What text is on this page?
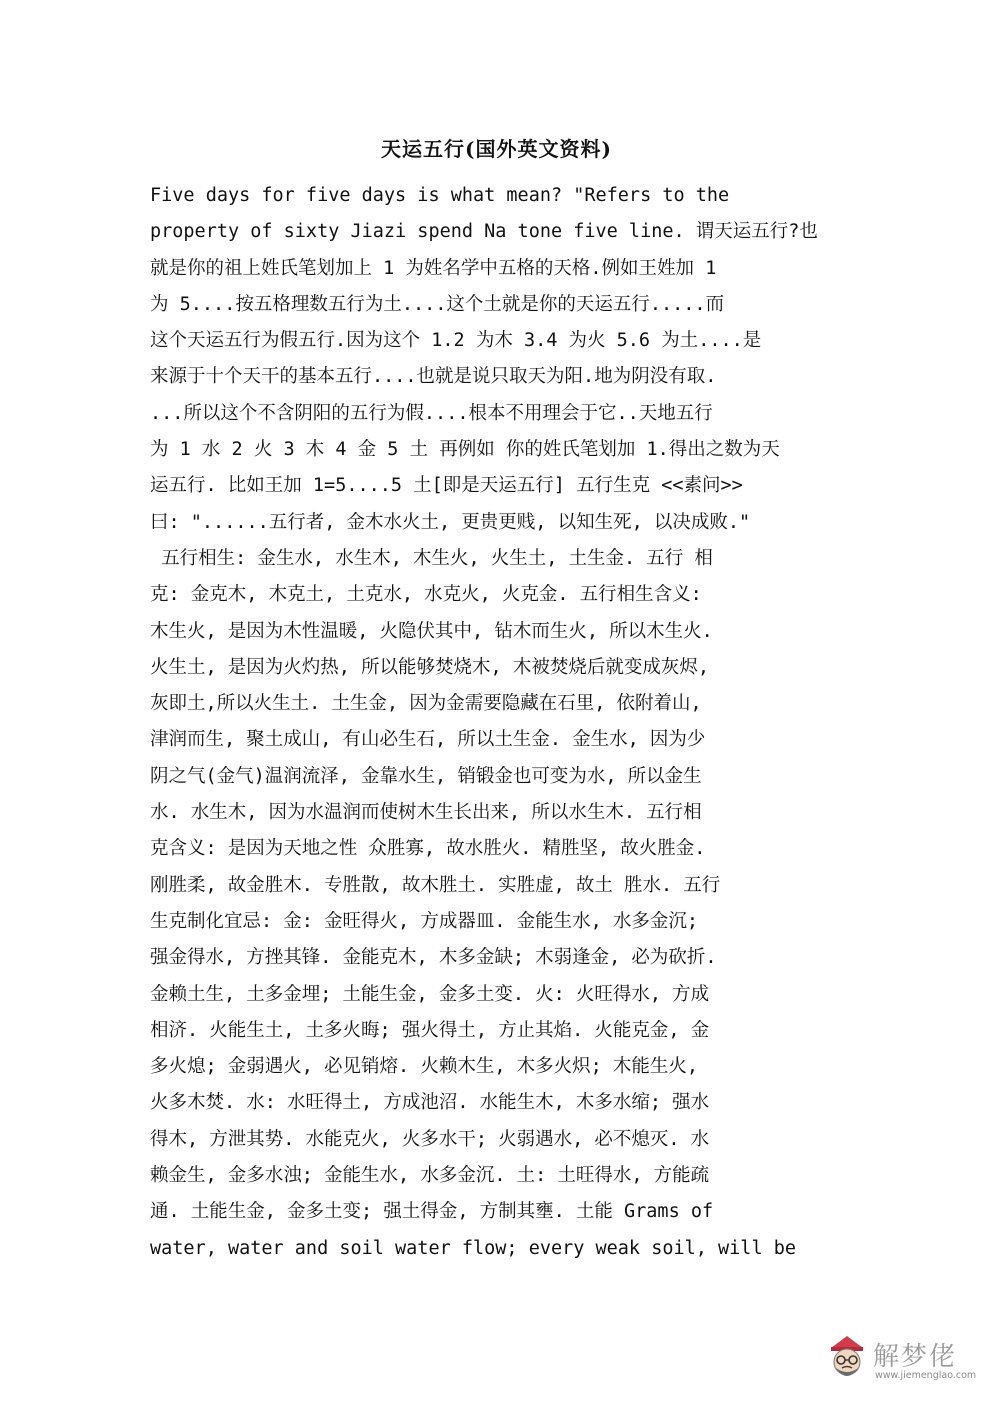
天运五行(国外英文资料)
Five days for five days is what mean? "Refers to the
property of sixty Jiazi spend Na tone five line. 谓天运五行?也
就是你的祖上姓氏笔划加上 1 为姓名学中五格的天格.例如王姓加 1
为 5....按五格理数五行为土....这个土就是你的天运五行.....而
这个天运五行为假五行.因为这个 1.2 为木 3.4 为火 5.6 为土....是
来源于十个天干的基本五行....也就是说只取天为阳.地为阴没有取.
...所以这个不含阴阳的五行为假....根本不用理会于它..天地五行
为 1 水 2 火 3 木 4 金 5 土 再例如 你的姓氏笔划加 1.得出之数为天
运五行. 比如王加 1=5....5 土[即是天运五行] 五行生克 <<素问>>
曰: "......五行者, 金木水火土, 更贵更贱, 以知生死, 以决成败."
五行相生: 金生水, 水生木, 木生火, 火生土, 土生金. 五行 相
克: 金克木, 木克土, 土克水, 水克火, 火克金. 五行相生含义:
木生火, 是因为木性温暖, 火隐伏其中, 钻木而生火, 所以木生火.
火生土, 是因为火灼热, 所以能够焚烧木, 木被焚烧后就变成灰烬,
灰即土,所以火生土. 土生金, 因为金需要隐藏在石里, 依附着山,
津润而生, 聚土成山, 有山必生石, 所以土生金. 金生水, 因为少
阴之气(金气)温润流泽, 金靠水生, 销锻金也可变为水, 所以金生
水. 水生木, 因为水温润而使树木生长出来, 所以水生木. 五行相
克含义: 是因为天地之性 众胜寡, 故水胜火. 精胜坚, 故火胜金.
刚胜柔, 故金胜木. 专胜散, 故木胜土. 实胜虚, 故土 胜水. 五行
生克制化宜忌: 金: 金旺得火, 方成器皿. 金能生水, 水多金沉;
强金得水, 方挫其锋. 金能克木, 木多金缺; 木弱逢金, 必为砍折.
金赖土生, 土多金埋; 土能生金, 金多土变. 火: 火旺得水, 方成
相济. 火能生土, 土多火晦; 强火得土, 方止其焰. 火能克金, 金
多火熄; 金弱遇火, 必见销熔. 火赖木生, 木多火炽; 木能生火,
火多木焚. 水: 水旺得土, 方成池沼. 水能生木, 木多水缩; 强水
得木, 方泄其势. 水能克火, 火多水干; 火弱遇水, 必不熄灭. 水
赖金生, 金多水浊; 金能生水, 水多金沉. 土: 土旺得水, 方能疏
通. 土能生金, 金多土变; 强土得金, 方制其壅. 土能 Grams of
water, water and soil water flow; every weak soil, will be
解梦佬
www.jiemenglao.com
